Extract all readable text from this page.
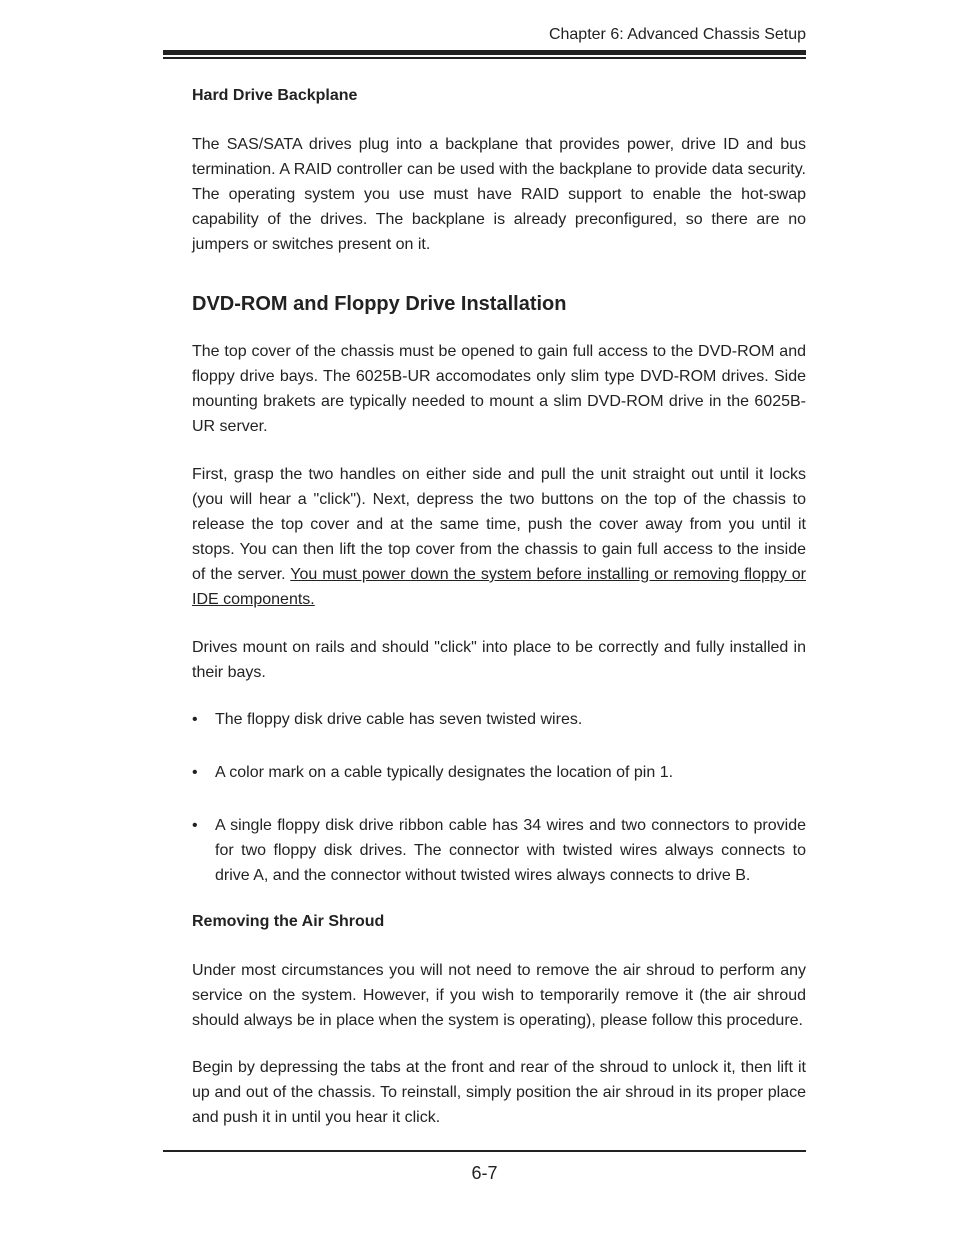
Chapter 6: Advanced Chassis Setup
Hard Drive Backplane

The SAS/SATA drives plug into a backplane that provides power, drive ID and bus termination. A RAID controller can be used with the backplane to provide data security. The operating system you use must have RAID support to enable the hot-swap capability of the drives. The backplane is already preconfigured, so there are no jumpers or switches present on it.

DVD-ROM and Floppy Drive Installation

The top cover of the chassis must be opened to gain full access to the DVD-ROM and floppy drive bays. The 6025B-UR accomodates only slim type DVD-ROM drives. Side mounting brakets are typically needed to mount a slim DVD-ROM drive in the 6025B-UR server.

First, grasp the two handles on either side and pull the unit straight out until it locks (you will hear a "click"). Next, depress the two buttons on the top of the chassis to release the top cover and at the same time, push the cover away from you until it stops. You can then lift the top cover from the chassis to gain full access to the inside of the server. You must power down the system before installing or removing floppy or IDE components.

Drives mount on rails and should "click" into place to be correctly and fully installed in their bays.

• The floppy disk drive cable has seven twisted wires.
• A color mark on a cable typically designates the location of pin 1.
• A single floppy disk drive ribbon cable has 34 wires and two connectors to provide for two floppy disk drives. The connector with twisted wires always connects to drive A, and the connector without twisted wires always connects to drive B.
Removing the Air Shroud

Under most circumstances you will not need to remove the air shroud to perform any service on the system. However, if you wish to temporarily remove it (the air shroud should always be in place when the system is operating), please follow this procedure.

Begin by depressing the tabs at the front and rear of the shroud to unlock it, then lift it up and out of the chassis. To reinstall, simply position the air shroud in its proper place and push it in until you hear it click.

6-7
